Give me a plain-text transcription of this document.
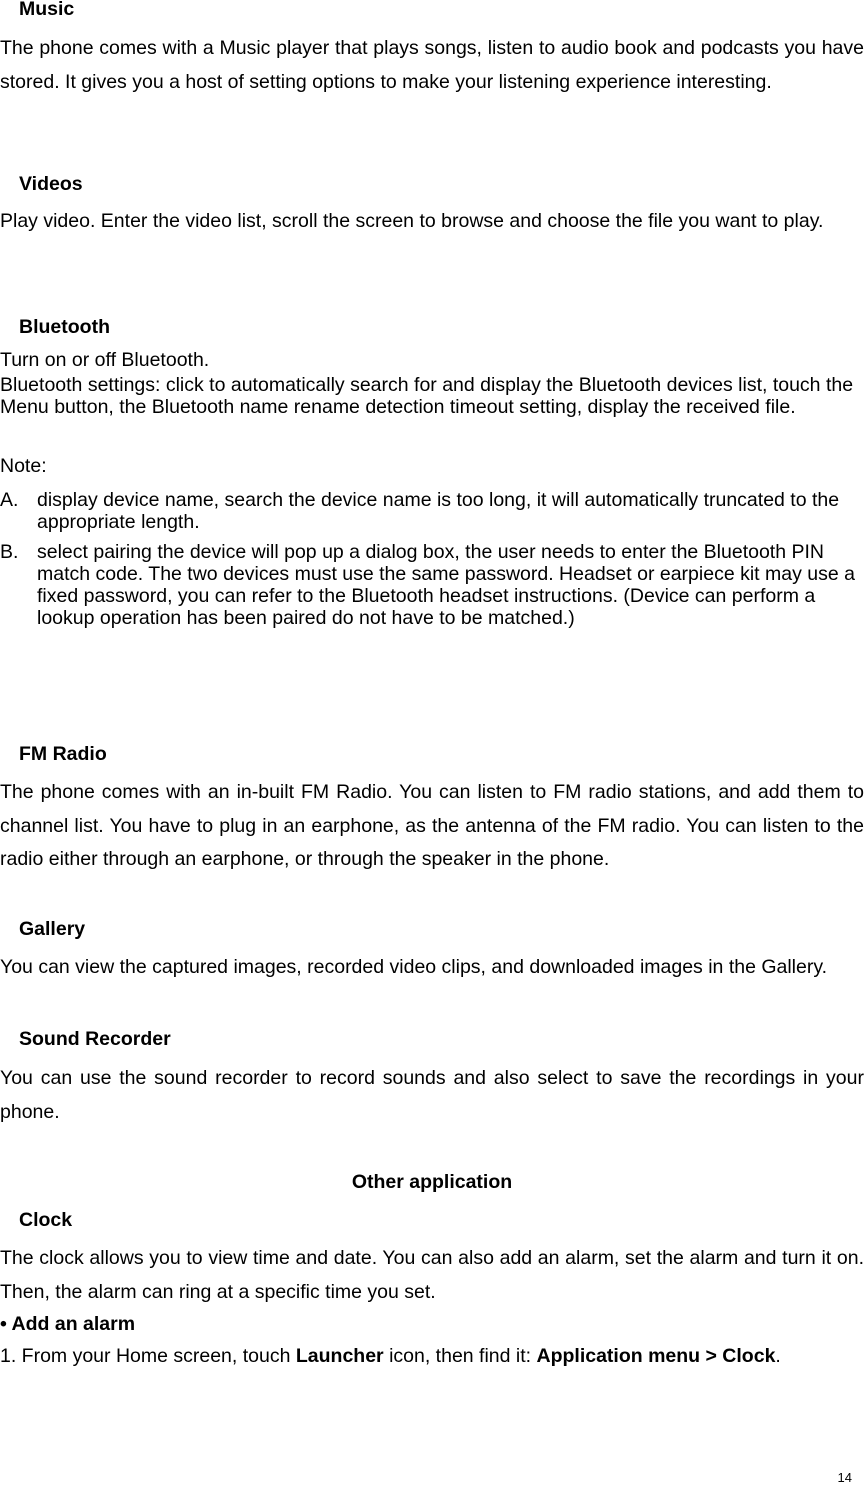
Music
The phone comes with a Music player that plays songs, listen to audio book and podcasts you have stored. It gives you a host of setting options to make your listening experience interesting.
Videos
Play video. Enter the video list, scroll the screen to browse and choose the file you want to play.
Bluetooth
Turn on or off Bluetooth.
Bluetooth settings: click to automatically search for and display the Bluetooth devices list, touch the Menu button, the Bluetooth name rename detection timeout setting, display the received file.
Note:
A. display device name, search the device name is too long, it will automatically truncated to the appropriate length.
B. select pairing the device will pop up a dialog box, the user needs to enter the Bluetooth PIN match code. The two devices must use the same password. Headset or earpiece kit may use a fixed password, you can refer to the Bluetooth headset instructions. (Device can perform a lookup operation has been paired do not have to be matched.)
FM Radio
The phone comes with an in-built FM Radio. You can listen to FM radio stations, and add them to channel list. You have to plug in an earphone, as the antenna of the FM radio. You can listen to the radio either through an earphone, or through the speaker in the phone.
Gallery
You can view the captured images, recorded video clips, and downloaded images in the Gallery.
Sound Recorder
You can use the sound recorder to record sounds and also select to save the recordings in your phone.
Other application
Clock
The clock allows you to view time and date. You can also add an alarm, set the alarm and turn it on. Then, the alarm can ring at a specific time you set.
• Add an alarm
1. From your Home screen, touch Launcher icon, then find it: Application menu > Clock.
14
